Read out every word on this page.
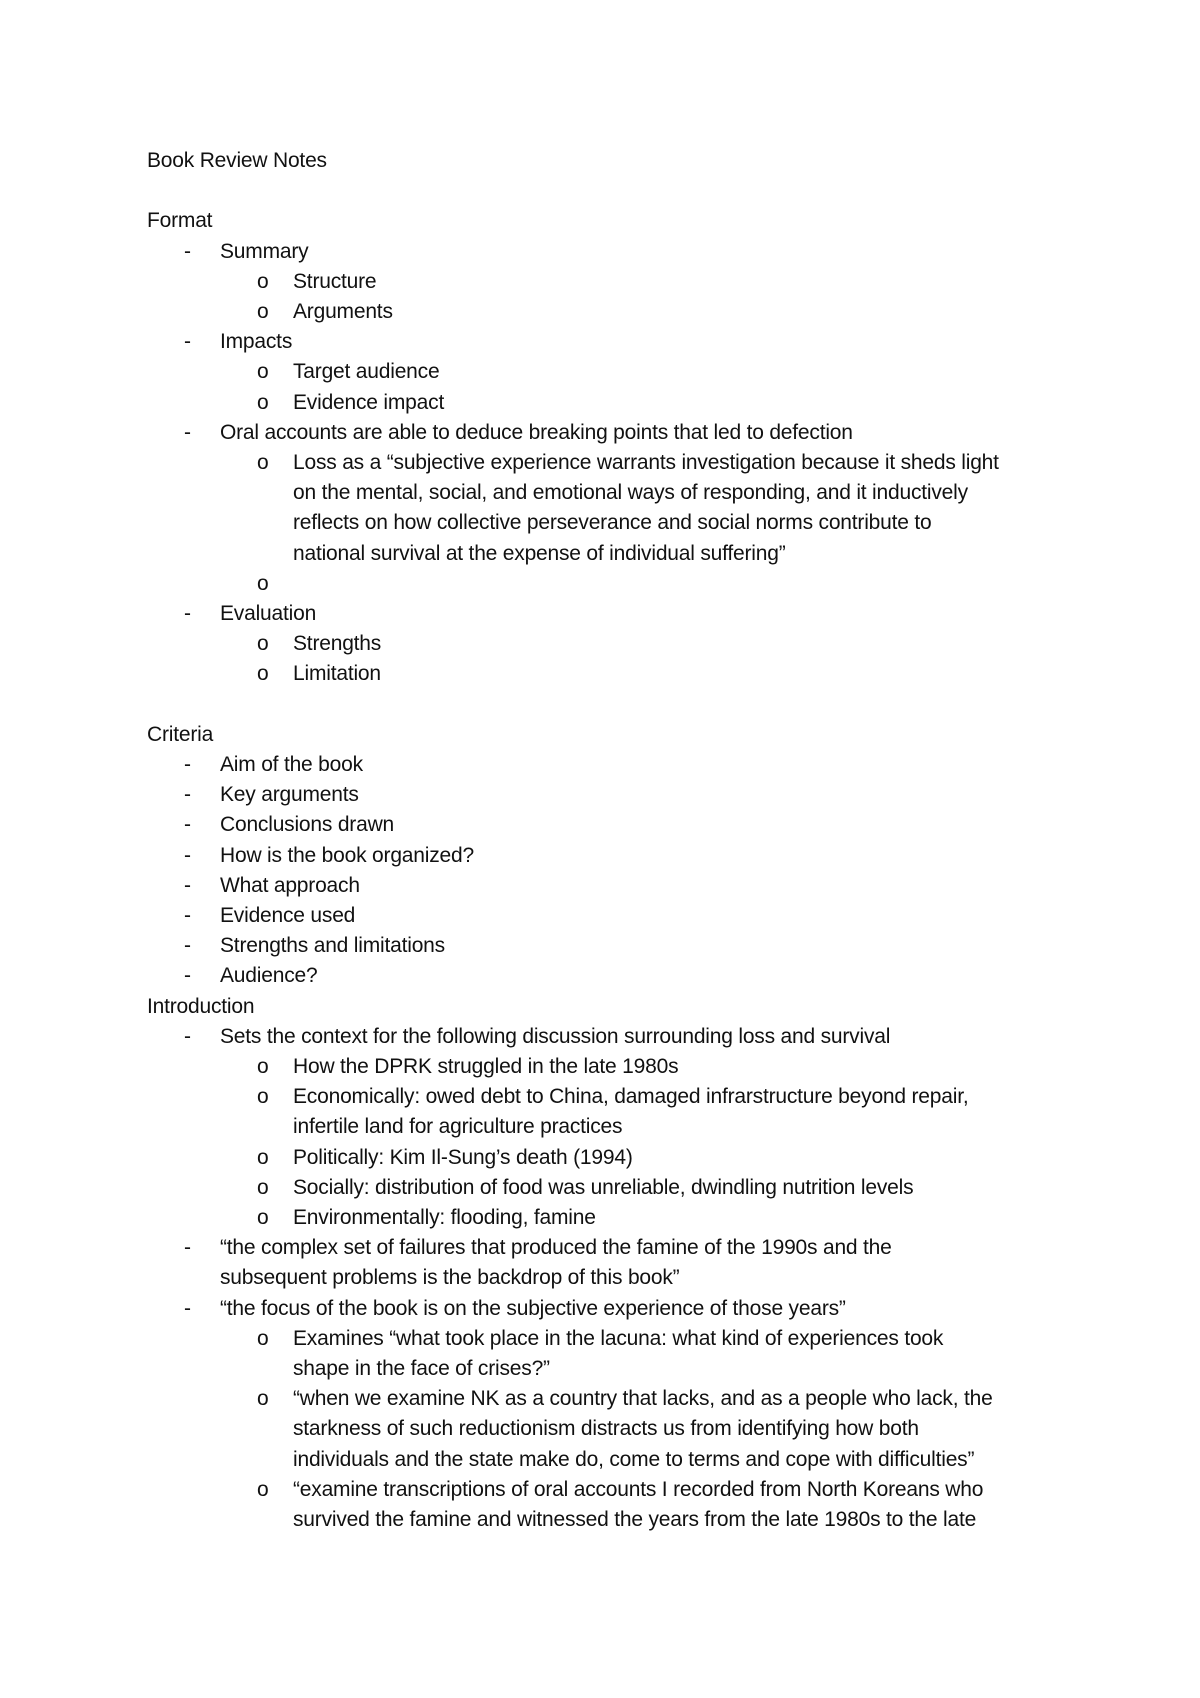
Book Review Notes
Format
- Summary
o Structure
o Arguments
- Impacts
o Target audience
o Evidence impact
- Oral accounts are able to deduce breaking points that led to defection
o Loss as a “subjective experience warrants investigation because it sheds light
on the mental, social, and emotional ways of responding, and it inductively
reflects on how collective perseverance and social norms contribute to
national survival at the expense of individual suffering”
o
- Evaluation
o Strengths
o Limitation
Criteria
- Aim of the book
- Key arguments
- Conclusions drawn
- How is the book organized?
- What approach
- Evidence used
- Strengths and limitations
- Audience?
Introduction
- Sets the context for the following discussion surrounding loss and survival
o How the DPRK struggled in the late 1980s
o Economically: owed debt to China, damaged infrarstructure beyond repair,
infertile land for agriculture practices
o Politically: Kim Il-Sung’s death (1994)
o Socially: distribution of food was unreliable, dwindling nutrition levels
o Environmentally: flooding, famine
- “the complex set of failures that produced the famine of the 1990s and the
subsequent problems is the backdrop of this book”
- “the focus of the book is on the subjective experience of those years”
o Examines “what took place in the lacuna: what kind of experiences took
shape in the face of crises?”
o “when we examine NK as a country that lacks, and as a people who lack, the
starkness of such reductionism distracts us from identifying how both
individuals and the state make do, come to terms and cope with difficulties”
o “examine transcriptions of oral accounts I recorded from North Koreans who
survived the famine and witnessed the years from the late 1980s to the late
